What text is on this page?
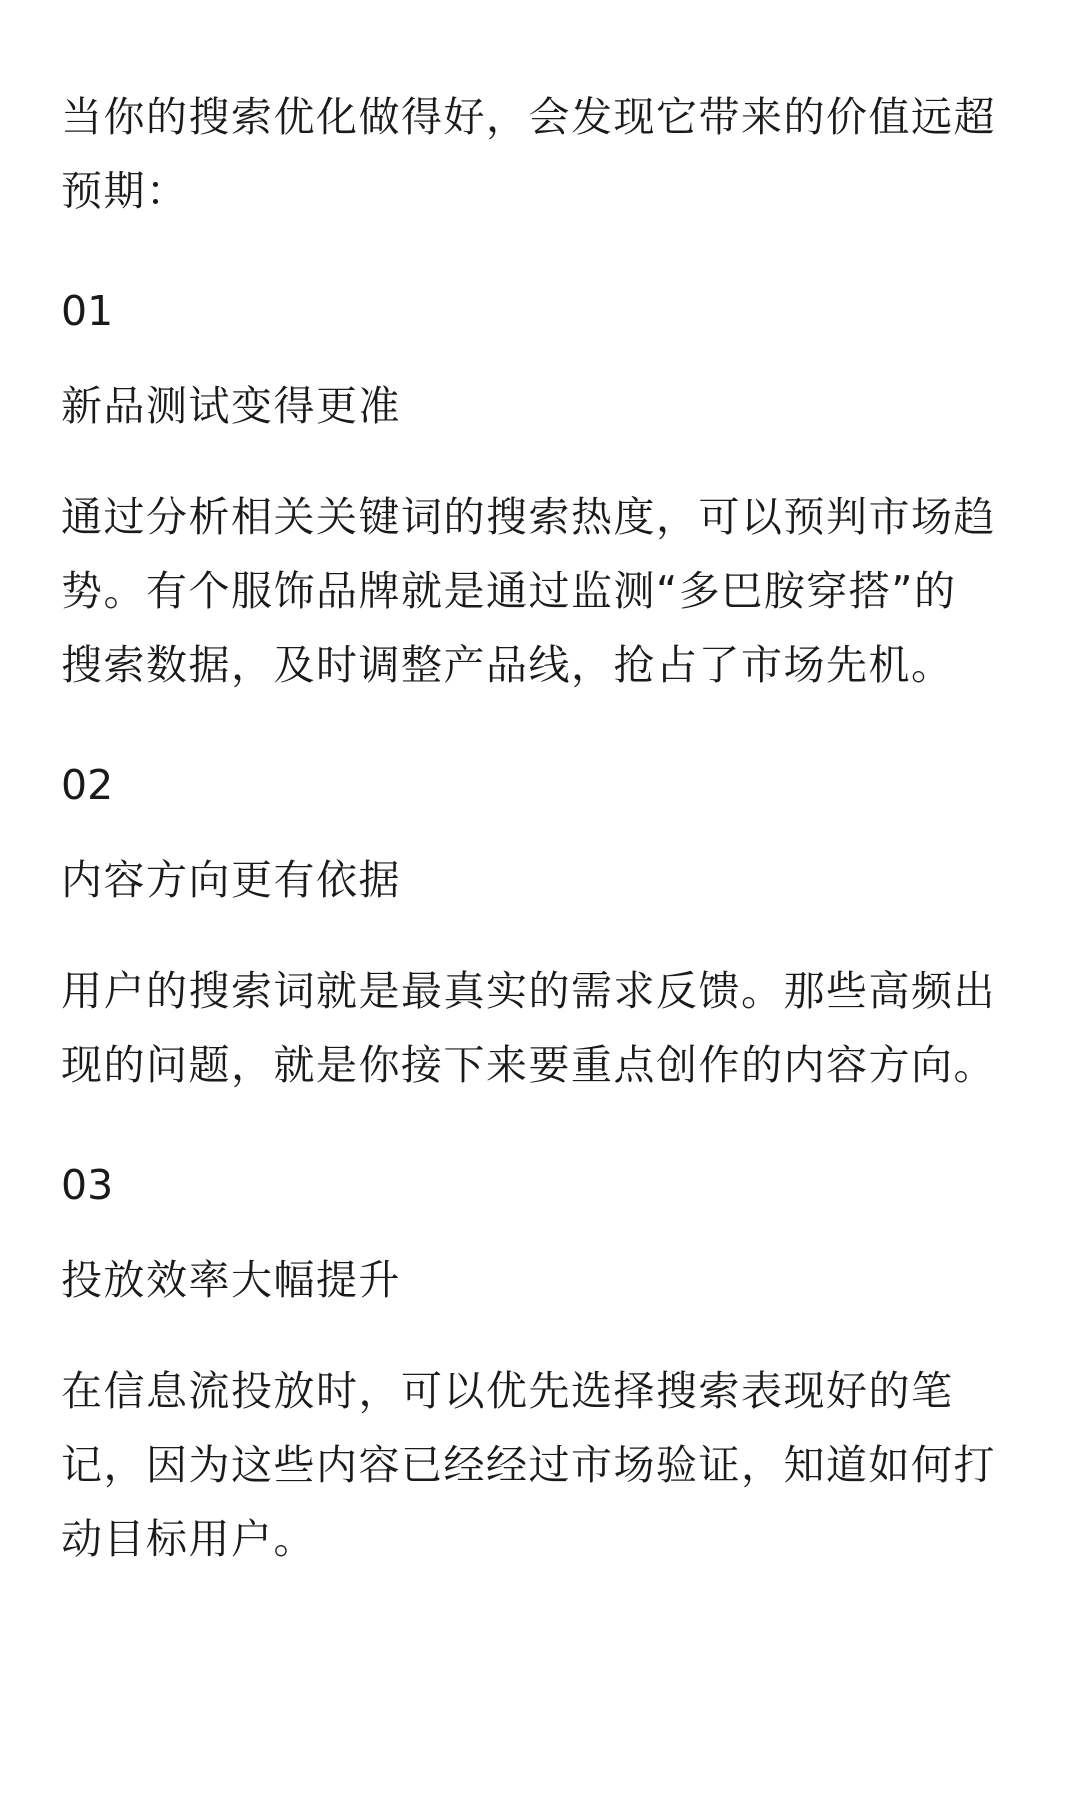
当你的搜索优化做得好，会发现它带来的价值远超
预期：
01
新品测试变得更准
通过分析相关关键词的搜索热度，可以预判市场趋
势。有个服饰品牌就是通过监测“多巴胺穿搭”的
搜索数据，及时调整产品线，抢占了市场先机。
02
内容方向更有依据
用户的搜索词就是最真实的需求反馈。那些高频出
现的问题，就是你接下来要重点创作的内容方向。
03
投放效率大幅提升
在信息流投放时，可以优先选择搜索表现好的笔
记，因为这些内容已经经过市场验证，知道如何打
动目标用户。
